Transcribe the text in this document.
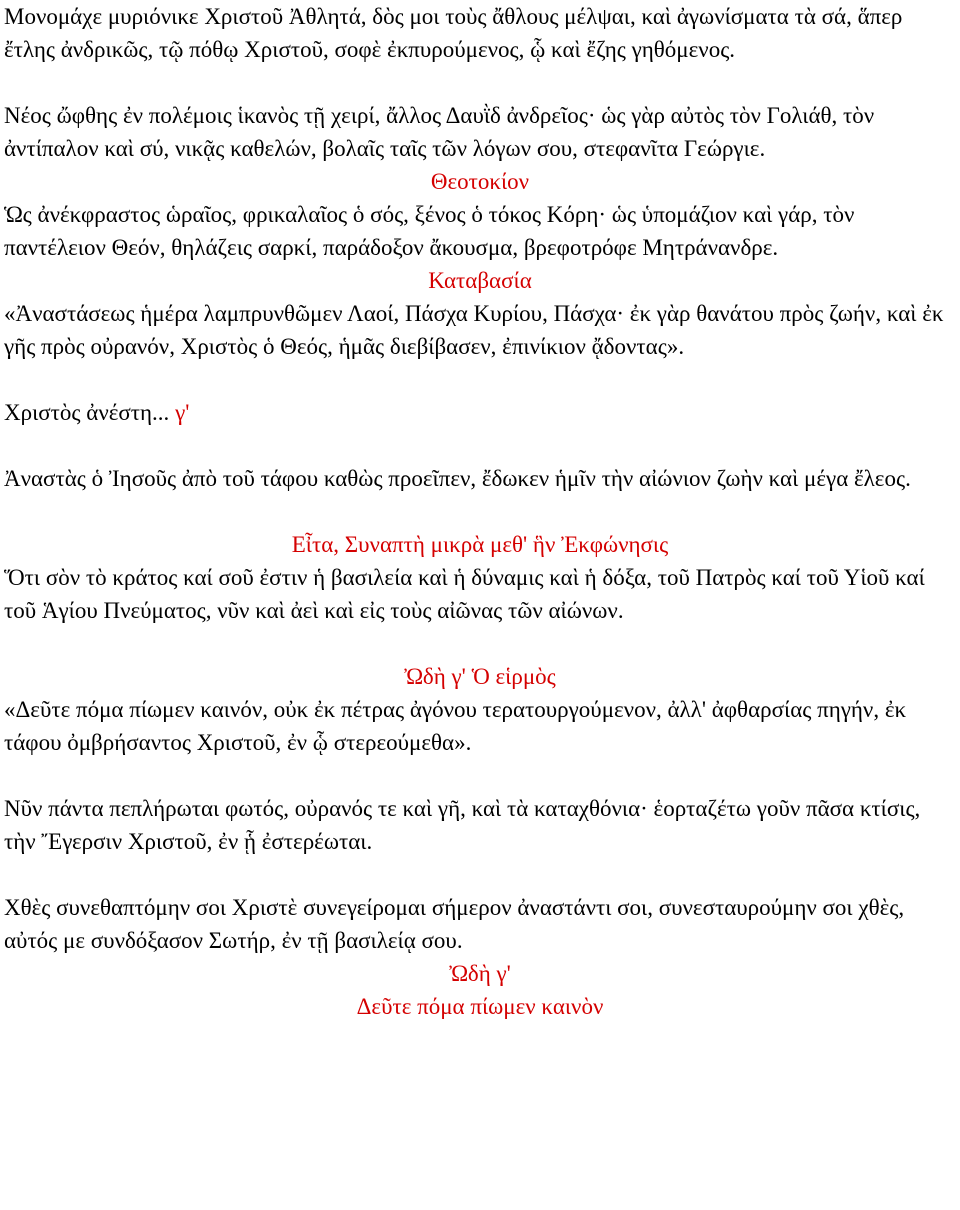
Μονομάχε μυριόνικε Χριστοῦ Ἀθλητά, δὸς μοι τοὺς ἄθλους μέλψαι, καὶ ἀγωνίσματα τὰ σά, ἅπερ ἔτλης ἀνδρικῶς, τῷ πόθῳ Χριστοῦ, σοφὲ ἐκπυρούμενος, ᾧ καὶ ἔζης γηθόμενος.

Νέος ὤφθης ἐν πολέμοις ἱκανὸς τῇ χειρί, ἄλλος Δαυῒδ ἀνδρεῖος· ὡς γὰρ αὐτὸς τὸν Γολιάθ, τὸν ἀντίπαλον καὶ σύ, νικᾷς καθελών, βολαῖς ταῖς τῶν λόγων σου, στεφανῖτα Γεώργιε.

Θεοτοκίον

Ὡς ἀνέκφραστος ὡραῖος, φρικαλαῖος ὁ σός, ξένος ὁ τόκος Κόρη· ὡς ὑπομάζιον καὶ γάρ, τὸν παντέλειον Θεόν, θηλάζεις σαρκί, παράδοξον ἄκουσμα, βρεφοτρόφε Μητράνανδρε.

Καταβασία

«Ἀναστάσεως ἡμέρα λαμπρυνθῶμεν Λαοί, Πάσχα Κυρίου, Πάσχα· ἐκ γὰρ θανάτου πρὸς ζωήν, καὶ ἐκ γῆς πρὸς οὐρανόν, Χριστὸς ὁ Θεός, ἡμᾶς διεβίβασεν, ἐπινίκιον ᾄδοντας».

Χριστὸς ἀνέστη... γ'

Ἀναστὰς ὁ Ἰησοῦς ἀπὸ τοῦ τάφου καθὼς προεῖπεν, ἔδωκεν ἡμῖν τὴν αἰώνιον ζωὴν καὶ μέγα ἔλεος.

Εἶτα, Συναπτὴ μικρὰ μεθ' ἣν Ἐκφώνησις

Ὅτι σὸν τὸ κράτος καί σοῦ ἐστιν ἡ βασιλεία καὶ ἡ δύναμις καὶ ἡ δόξα, τοῦ Πατρὸς καί τοῦ Υἱοῦ καί τοῦ Ἁγίου Πνεύματος, νῦν καὶ ἀεὶ καὶ εἰς τοὺς αἰῶνας τῶν αἰώνων.

Ὠδὴ γ' Ὁ εἱρμὸς

«Δεῦτε πόμα πίωμεν καινόν, οὐκ ἐκ πέτρας ἀγόνου τερατουργούμενον, ἀλλ' ἀφθαρσίας πηγήν, ἐκ τάφου ὀμβρήσαντος Χριστοῦ, ἐν ᾧ στερεούμεθα».

Νῦν πάντα πεπλήρωται φωτός, οὐρανός τε καὶ γῆ, καὶ τὰ καταχθόνια· ἑορταζέτω γοῦν πᾶσα κτίσις, τὴν Ἔγερσιν Χριστοῦ, ἐν ᾗ ἐστερέωται.

Χθὲς συνεθαπτόμην σοι Χριστὲ συνεγείρομαι σήμερον ἀναστάντι σοι, συνεσταυρούμην σοι χθὲς, αὐτός με συνδόξασον Σωτήρ, ἐν τῇ βασιλείᾳ σου.

Ὠδὴ γ'

Δεῦτε πόμα πίωμεν καινὸν
